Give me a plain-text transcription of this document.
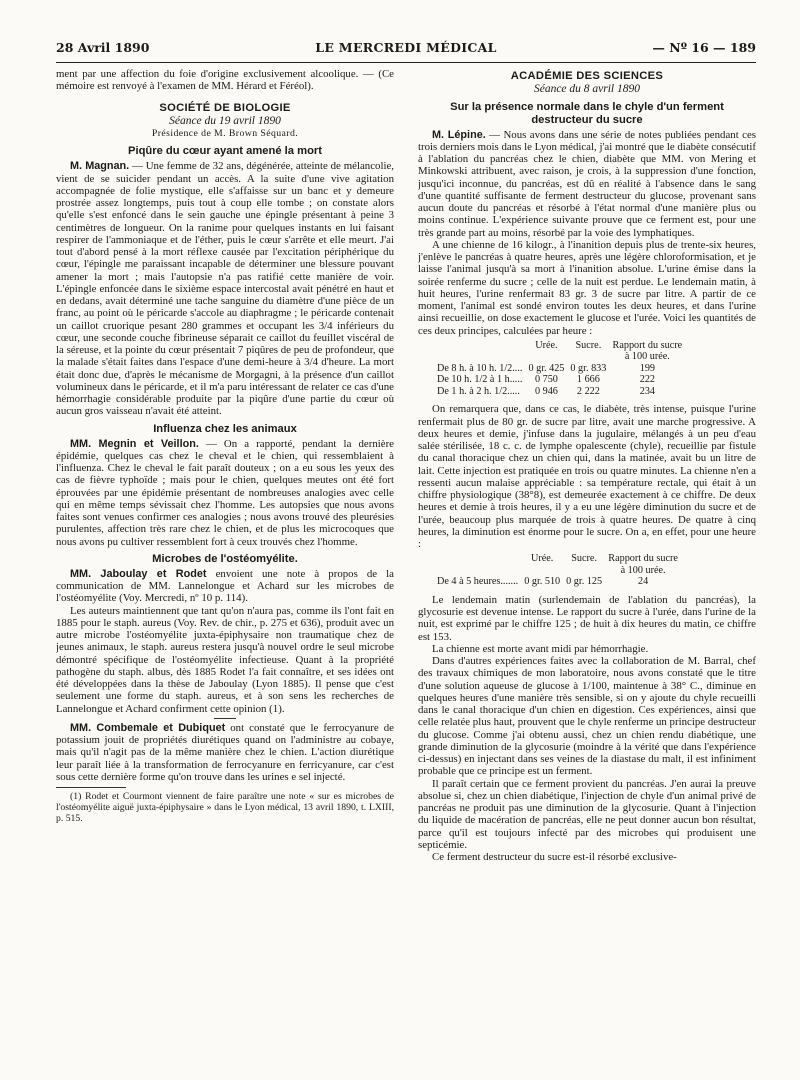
28 Avril 1890	LE MERCREDI MÉDICAL	— Nº 16 — 189

ment par une affection du foie d'origine exclusivement alcoolique. — (Ce mémoire est renvoyé à l'examen de MM. Hérard et Féréol).

SOCIÉTÉ DE BIOLOGIE
Séance du 19 avril 1890
Présidence de M. Brown Séquard.
Piqûre du cœur ayant amené la mort

M. Magnan. — Une femme de 32 ans, dégénérée, atteinte de mélancolie, vient de se suicider pendant un accès. A la suite d'une vive agitation accompagnée de folie mystique, elle s'affaisse sur un banc et y demeure prostrée assez longtemps, puis tout à coup elle tombe ; on constate alors qu'elle s'est enfoncé dans le sein gauche une épingle présentant à peine 3 centimètres de longueur. On la ranime pour quelques instants en lui faisant respirer de l'ammoniaque et de l'éther, puis le cœur s'arrête et elle meurt. J'ai tout d'abord pensé à la mort réflexe causée par l'excitation périphérique du cœur, l'épingle me paraissant incapable de déterminer une blessure pouvant amener la mort ; mais l'autopsie n'a pas ratifié cette manière de voir. L'épingle enfoncée dans le sixième espace intercostal avait pénétré en haut et en dedans, avait déterminé une tache sanguine du diamètre d'une pièce de un franc, au point où le péricarde s'accole au diaphragme ; le péricarde contenait un caillot cruorique pesant 280 grammes et occupant les 3/4 inférieurs du cœur, une seconde couche fibrineuse séparait ce caillot du feuillet viscéral de la séreuse, et la pointe du cœur présentait 7 piqûres de peu de profondeur, que la malade s'était faites dans l'espace d'une demi-heure à 3/4 d'heure. La mort était donc due, d'après le mécanisme de Morgagni, à la présence d'un caillot volumineux dans le péricarde, et il m'a paru intéressant de relater ce cas d'une hémorrhagie considérable produite par la piqûre d'une partie du cœur où aucun gros vaisseau n'avait été atteint.

Influenza chez les animaux

MM. Megnin et Veillon. — On a rapporté, pendant la dernière épidémie, quelques cas chez le cheval et le chien, qui ressemblaient à l'influenza. Chez le cheval le fait paraît douteux ; on a eu sous les yeux des cas de fièvre typhoïde ; mais pour le chien, quelques meutes ont été fort éprouvées par une épidémie présentant de nombreuses analogies avec celle qui en même temps sévissait chez l'homme. Les autopsies que nous avons faites sont venues confirmer ces analogies ; nous avons trouvé des pleurésies purulentes, affection très rare chez le chien, et de plus les microcoques que nous avons pu cultiver ressemblent fort à ceux trouvés chez l'homme.

Microbes de l'ostéomyélite.

MM. Jaboulay et Rodet envoient une note à propos de la communication de MM. Lannelongue et Achard sur les microbes de l'ostéomyélite (Voy. Mercredi, nº 10 p. 114).

Les auteurs maintiennent que tant qu'on n'aura pas, comme ils l'ont fait en 1885 pour le staph. aureus (Voy. Rev. de chir., p. 275 et 636), produit avec un autre microbe l'ostéomyélite juxta-épiphysaire non traumatique chez de jeunes animaux, le staph. aureus restera jusqu'à nouvel ordre le seul microbe démontré spécifique de l'ostéomyélite infectieuse. Quant à la propriété pathogène du staph. albus, dès 1885 Rodet l'a fait connaître, et ses idées ont été développées dans la thèse de Jaboulay (Lyon 1885). Il pense que c'est seulement une forme du staph. aureus, et à son sens les recherches de Lannelongue et Achard confirment cette opinion (1).

MM. Combemale et Dubiquet ont constaté que le ferrocyanure de potassium jouit de propriétés diurétiques quand on l'administre au cobaye, mais qu'il n'agit pas de la même manière chez le chien. L'action diurétique leur paraît liée à la transformation de ferrocyanure en ferricyanure, car c'est sous cette dernière forme qu'on trouve dans les urines e sel injecté.

(1) Rodet et Courmont viennent de faire paraître une note « sur es microbes de l'ostéomyélite aiguë juxta-épiphysaire » dans le Lyon médical, 13 avril 1890, t. LXIII, p. 515.

ACADÉMIE DES SCIENCES
Séance du 8 avril 1890
Sur la présence normale dans le chyle d'un ferment destructeur du sucre

M. Lépine. — Nous avons dans une série de notes publiées pendant ces trois derniers mois dans le Lyon médical, j'ai montré que le diabète consécutif à l'ablation du pancréas chez le chien, diabète que MM. von Mering et Minkowski attribuent, avec raison, je crois, à la suppression d'une fonction, jusqu'ici inconnue, du pancréas, est dû en réalité à l'absence dans le sang d'une quantité suffisante de ferment destructeur du glucose, provenant sans aucun doute du pancréas et résorbé à l'état normal d'une manière plus ou moins continue. L'expérience suivante prouve que ce ferment est, pour une très grande part au moins, résorbé par la voie des lymphatiques.

A une chienne de 16 kilogr., à l'inanition depuis plus de trente-six heures, j'enlève le pancréas à quatre heures, après une légère chloroformisation, et je laisse l'animal jusqu'à sa mort à l'inanition absolue. L'urine émise dans la soirée renferme du sucre ; celle de la nuit est perdue. Le lendemain matin, à huit heures, l'urine renfermait 83 gr. 3 de sucre par litre. A partir de ce moment, l'animal est sondé environ toutes les deux heures, et dans l'urine ainsi recueillie, on dose exactement le glucose et l'urée. Voici les quantités de ces deux principes, calculées par heure :

	Urée.	Sucre.	Rapport du sucre à 100 urée.
De 8 h. à 10 h. 1/2....	0 gr. 425	0 gr. 833	199
De 10 h. 1/2 à 1 h.....	0 750	1 666	222
De 1 h. à 2 h. 1/2.....	0 946	2 222	234

On remarquera que, dans ce cas, le diabète, très intense, puisque l'urine renfermait plus de 80 gr. de sucre par litre, avait une marche progressive. A deux heures et demie, j'infuse dans la jugulaire, mélangés à un peu d'eau salée stérilisée, 18 c. c. de lymphe opalescente (chyle), recueillie par fistule du canal thoracique chez un chien qui, dans la matinée, avait bu un litre de lait. Cette injection est pratiquée en trois ou quatre minutes. La chienne n'en a ressenti aucun malaise appréciable : sa température rectale, qui était à un chiffre physiologique (38°8), est demeurée exactement à ce chiffre. De deux heures et demie à trois heures, il y a eu une légère diminution du sucre et de l'urée, beaucoup plus marquée de trois à quatre heures. De quatre à cinq heures, la diminution est énorme pour le sucre. On a, en effet, pour une heure :

	Urée.	Sucre.	Rapport du sucre à 100 urée.
De 4 à 5 heures.......	0 gr. 510	0 gr. 125	24

Le lendemain matin (surlendemain de l'ablation du pancréas), la glycosurie est devenue intense. Le rapport du sucre à l'urée, dans l'urine de la nuit, est exprimé par le chiffre 125 ; de huit à dix heures du matin, ce chiffre est 153.

La chienne est morte avant midi par hémorrhagie.

Dans d'autres expériences faites avec la collaboration de M. Barral, chef des travaux chimiques de mon laboratoire, nous avons constaté que le titre d'une solution aqueuse de glucose à 1/100, maintenue à 38° C., diminue en quelques heures d'une manière très sensible, si on y ajoute du chyle recueilli dans le canal thoracique d'un chien en digestion. Ces expériences, ainsi que celle relatée plus haut, prouvent que le chyle renferme un principe destructeur du glucose. Comme j'ai obtenu aussi, chez un chien rendu diabétique, une grande diminution de la glycosurie (moindre à la vérité que dans l'expérience ci-dessus) en injectant dans ses veines de la diastase du malt, il est infiniment probable que ce principe est un ferment.

Il paraît certain que ce ferment provient du pancréas. J'en aurai la preuve absolue si, chez un chien diabétique, l'injection de chyle d'un animal privé de pancréas ne produit pas une diminution de la glycosurie. Quant à l'injection du liquide de macération de pancréas, elle ne peut donner aucun bon résultat, parce qu'il est toujours infecté par des microbes qui produisent une septicémie.

Ce ferment destructeur du sucre est-il résorbé exclusive-
